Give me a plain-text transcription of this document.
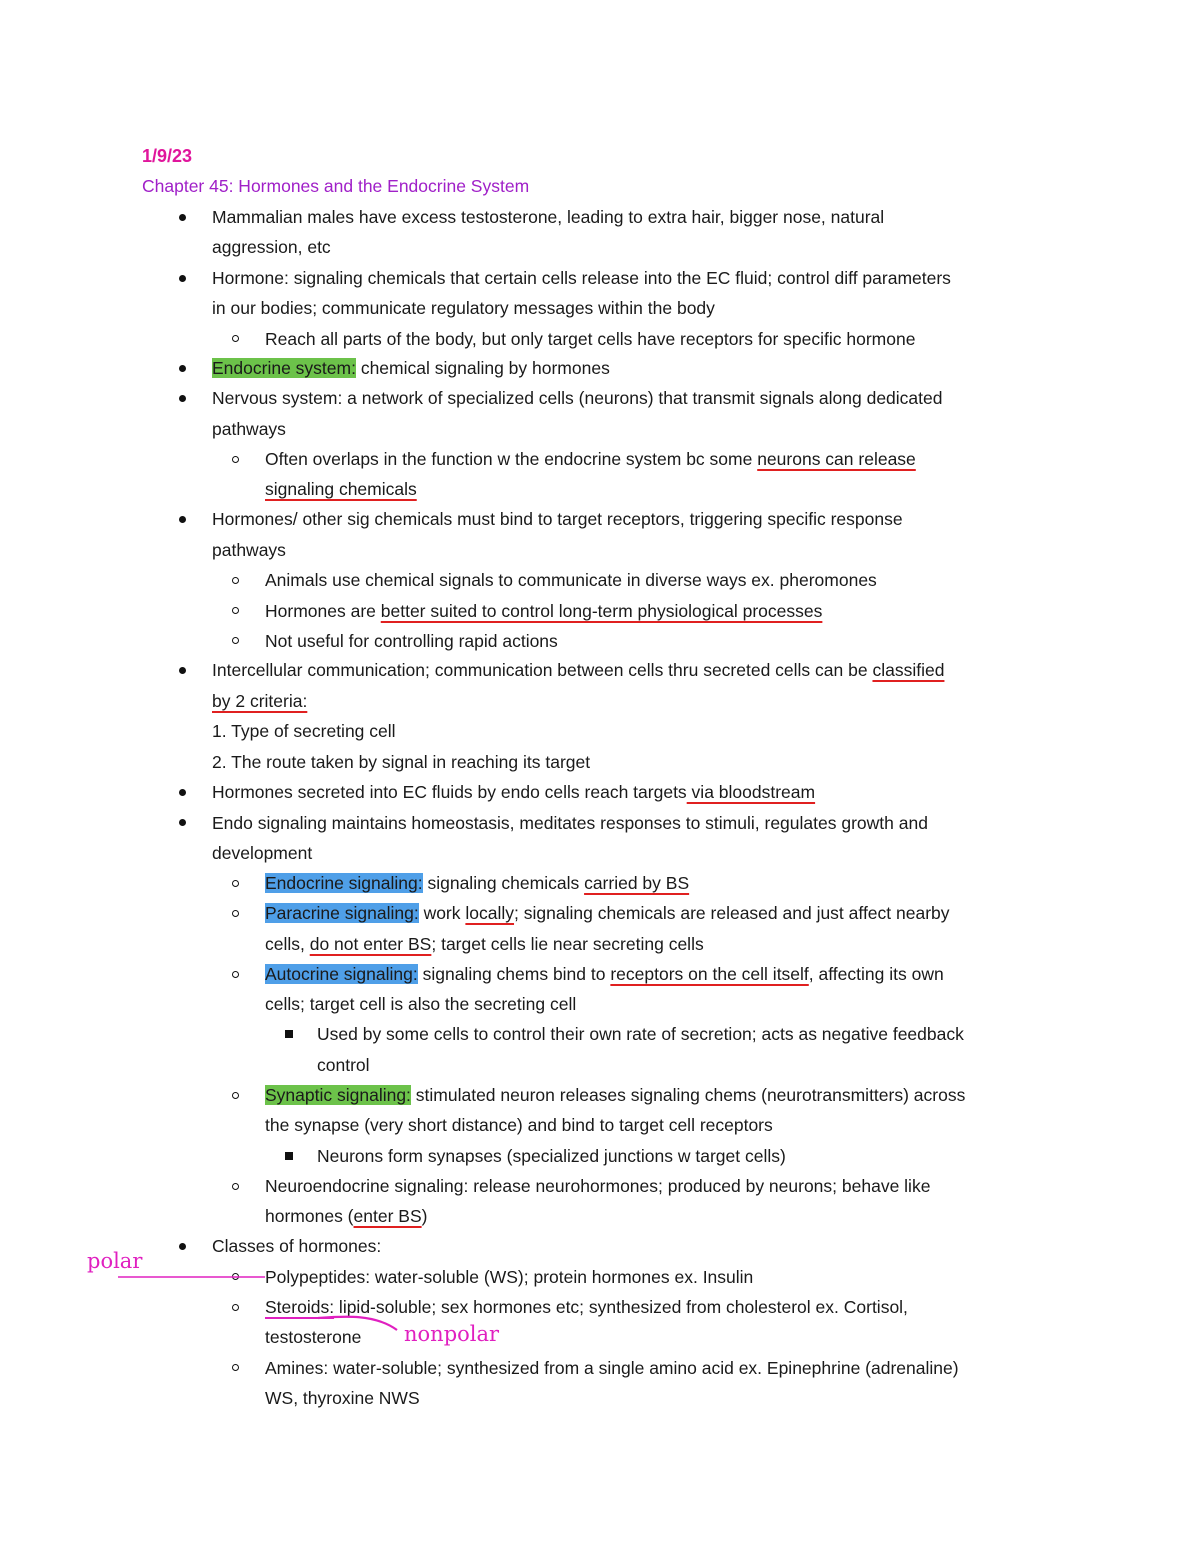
1/9/23
Chapter 45: Hormones and the Endocrine System
Mammalian males have excess testosterone, leading to extra hair, bigger nose, natural
aggression, etc
Hormone: signaling chemicals that certain cells release into the EC fluid; control diff parameters
in our bodies; communicate regulatory messages within the body
Reach all parts of the body, but only target cells have receptors for specific hormone
Endocrine system: chemical signaling by hormones
Nervous system: a network of specialized cells (neurons) that transmit signals along dedicated
pathways
Often overlaps in the function w the endocrine system bc some neurons can release
signaling chemicals
Hormones/ other sig chemicals must bind to target receptors, triggering specific response
pathways
Animals use chemical signals to communicate in diverse ways ex. pheromones
Hormones are better suited to control long-term physiological processes
Not useful for controlling rapid actions
Intercellular communication; communication between cells thru secreted cells can be classified
by 2 criteria:
1. Type of secreting cell
2. The route taken by signal in reaching its target
Hormones secreted into EC fluids by endo cells reach targets via bloodstream
Endo signaling maintains homeostasis, meditates responses to stimuli, regulates growth and
development
Endocrine signaling: signaling chemicals carried by BS
Paracrine signaling: work locally; signaling chemicals are released and just affect nearby
cells, do not enter BS; target cells lie near secreting cells
Autocrine signaling: signaling chems bind to receptors on the cell itself, affecting its own
cells; target cell is also the secreting cell
Used by some cells to control their own rate of secretion; acts as negative feedback
control
Synaptic signaling: stimulated neuron releases signaling chems (neurotransmitters) across
the synapse (very short distance) and bind to target cell receptors
Neurons form synapses (specialized junctions w target cells)
Neuroendocrine signaling: release neurohormones; produced by neurons; behave like
hormones (enter BS)
Classes of hormones:
Polypeptides: water-soluble (WS); protein hormones ex. Insulin
Steroids: lipid-soluble; sex hormones etc; synthesized from cholesterol ex. Cortisol,
testosterone
Amines: water-soluble; synthesized from a single amino acid ex. Epinephrine (adrenaline)
WS, thyroxine NWS
polar
nonpolar
